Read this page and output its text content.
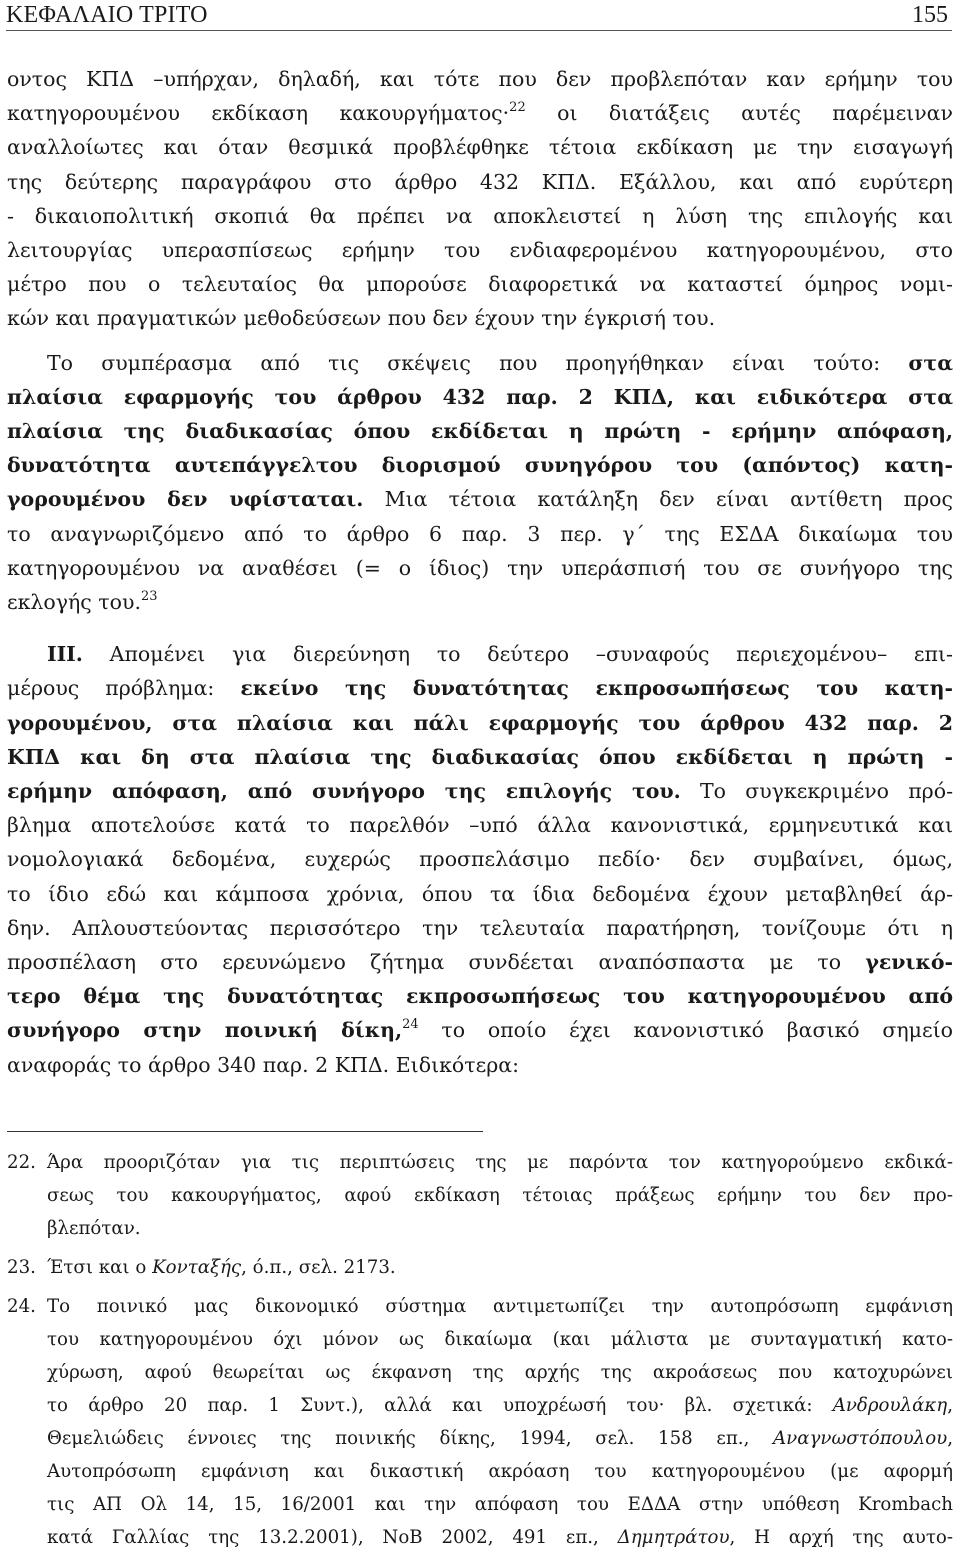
ΚΕΦΑΛΑΙΟ ΤΡΙΤΟ	155

οντος ΚΠΔ –υπήρχαν, δηλαδή, και τότε που δεν προβλεπόταν καν ερήμην του
κατηγορουμένου εκδίκαση κακουργήματος·$^{22}$ οι διατάξεις αυτές παρέμειναν
αναλλοίωτες και όταν θεσμικά προβλέφθηκε τέτοια εκδίκαση με την εισαγωγή
της δεύτερης παραγράφου στο άρθρο 432 ΚΠΔ. Εξάλλου, και από ευρύτερη
- δικαιοπολιτική σκοπιά θα πρέπει να αποκλειστεί η λύση της επιλογής και
λειτουργίας υπερασπίσεως ερήμην του ενδιαφερομένου κατηγορουμένου, στο
μέτρο που ο τελευταίος θα μπορούσε διαφορετικά να καταστεί όμηρος νομι-
κών και πραγματικών μεθοδεύσεων που δεν έχουν την έγκρισή του.

Το συμπέρασμα από τις σκέψεις που προηγήθηκαν είναι τούτο: στα
πλαίσια εφαρμογής του άρθρου 432 παρ. 2 ΚΠΔ, και ειδικότερα στα
πλαίσια της διαδικασίας όπου εκδίδεται η πρώτη - ερήμην απόφαση,
δυνατότητα αυτεπάγγελτου διορισμού συνηγόρου του (απόντος) κατη-
γορουμένου δεν υφίσταται. Μια τέτοια κατάληξη δεν είναι αντίθετη προς
το αναγνωριζόμενο από το άρθρο 6 παρ. 3 περ. γ΄ της ΕΣΔΑ δικαίωμα του
κατηγορουμένου να αναθέσει (= ο ίδιος) την υπεράσπισή του σε συνήγορο της
εκλογής του.$^{23}$

ΙΙΙ. Απομένει για διερεύνηση το δεύτερο –συναφούς περιεχομένου– επι-
μέρους πρόβλημα: εκείνο της δυνατότητας εκπροσωπήσεως του κατη-
γορουμένου, στα πλαίσια και πάλι εφαρμογής του άρθρου 432 παρ. 2
ΚΠΔ και δη στα πλαίσια της διαδικασίας όπου εκδίδεται η πρώτη -
ερήμην απόφαση, από συνήγορο της επιλογής του. Το συγκεκριμένο πρό-
βλημα αποτελούσε κατά το παρελθόν –υπό άλλα κανονιστικά, ερμηνευτικά και
νομολογιακά δεδομένα, ευχερώς προσπελάσιμο πεδίο· δεν συμβαίνει, όμως,
το ίδιο εδώ και κάμποσα χρόνια, όπου τα ίδια δεδομένα έχουν μεταβληθεί άρ-
δην. Απλουστεύοντας περισσότερο την τελευταία παρατήρηση, τονίζουμε ότι η
προσπέλαση στο ερευνώμενο ζήτημα συνδέεται αναπόσπαστα με το γενικό-
τερο θέμα της δυνατότητας εκπροσωπήσεως του κατηγορουμένου από
συνήγορο στην ποινική δίκη,$^{24}$ το οποίο έχει κανονιστικό βασικό σημείο
αναφοράς το άρθρο 340 παρ. 2 ΚΠΔ. Ειδικότερα:

22. Άρα προοριζόταν για τις περιπτώσεις της με παρόντα τον κατηγορούμενο εκδικά-
σεως του κακουργήματος, αφού εκδίκαση τέτοιας πράξεως ερήμην του δεν προ-
βλεπόταν.
23. Έτσι και ο Κονταξής, ό.π., σελ. 2173.
24. Το ποινικό μας δικονομικό σύστημα αντιμετωπίζει την αυτοπρόσωπη εμφάνιση
του κατηγορουμένου όχι μόνον ως δικαίωμα (και μάλιστα με συνταγματική κατο-
χύρωση, αφού θεωρείται ως έκφανση της αρχής της ακροάσεως που κατοχυρώνει
το άρθρο 20 παρ. 1 Συντ.), αλλά και υποχρέωσή του· βλ. σχετικά: Ανδρουλάκη,
Θεμελιώδεις έννοιες της ποινικής δίκης, 1994, σελ. 158 επ., Αναγνωστόπουλου,
Αυτοπρόσωπη εμφάνιση και δικαστική ακρόαση του κατηγορουμένου (με αφορμή
τις ΑΠ Ολ 14, 15, 16/2001 και την απόφαση του ΕΔΔΑ στην υπόθεση Krombach
κατά Γαλλίας της 13.2.2001), ΝοΒ 2002, 491 επ., Δημητράτου, Η αρχή της αυτο-
